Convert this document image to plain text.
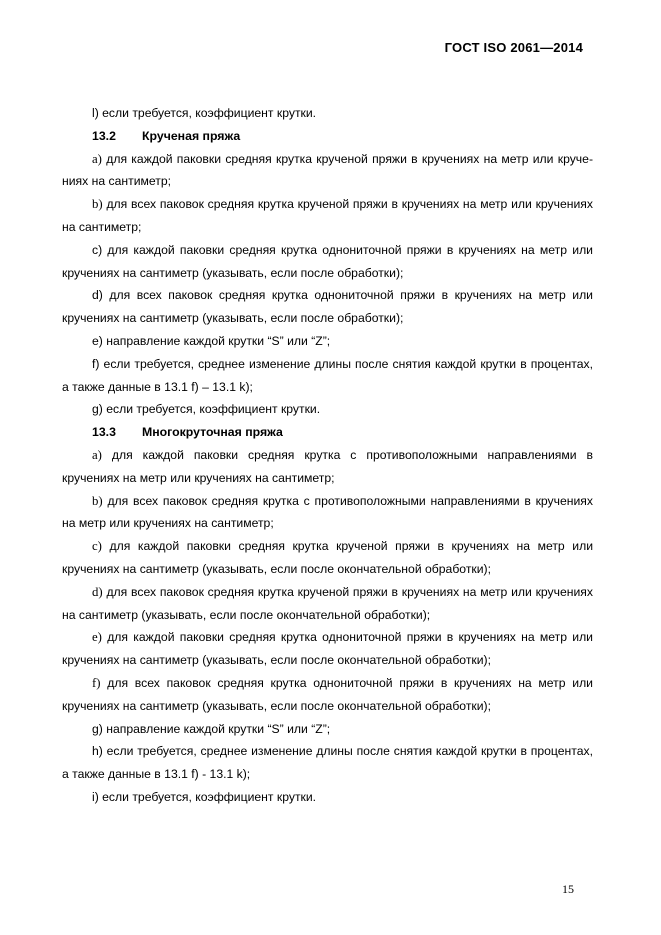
ГОСТ ISO 2061—2014

l) если требуется, коэффициент крутки.

13.2 Крученая пряжа

a) для каждой паковки средняя крутка крученой пряжи в кручениях на метр или кручениях на сантиметр;

b) для всех паковок средняя крутка крученой пряжи в кручениях на метр или кручениях на сантиметр;

c) для каждой паковки средняя крутка однониточной пряжи в кручениях на метр или кручениях на сантиметр (указывать, если после обработки);

d) для всех паковок средняя крутка однониточной пряжи в кручениях на метр или кручениях на сантиметр (указывать, если после обработки);

e) направление каждой крутки “S” или “Z”;

f) если требуется, среднее изменение длины после снятия каждой крутки в процентах, а также данные в 13.1 f) – 13.1 k);

g) если требуется, коэффициент крутки.

13.3 Многокруточная пряжа

a) для каждой паковки средняя крутка с противоположными направлениями в кручениях на метр или кручениях на сантиметр;

b) для всех паковок средняя крутка с противоположными направлениями в кручениях на метр или кручениях на сантиметр;

c) для каждой паковки средняя крутка крученой пряжи в кручениях на метр или кручениях на сантиметр (указывать, если после окончательной обработки);

d) для всех паковок средняя крутка крученой пряжи в кручениях на метр или кручениях на сантиметр (указывать, если после окончательной обработки);

e) для каждой паковки средняя крутка однониточной пряжи в кручениях на метр или кручениях на сантиметр (указывать, если после окончательной обработки);

f) для всех паковок средняя крутка однониточной пряжи в кручениях на метр или кручениях на сантиметр (указывать, если после окончательной обработки);

g) направление каждой крутки “S” или “Z”;

h) если требуется, среднее изменение длины после снятия каждой крутки в процентах, а также данные в 13.1 f) - 13.1 k);

i) если требуется, коэффициент крутки.

15
